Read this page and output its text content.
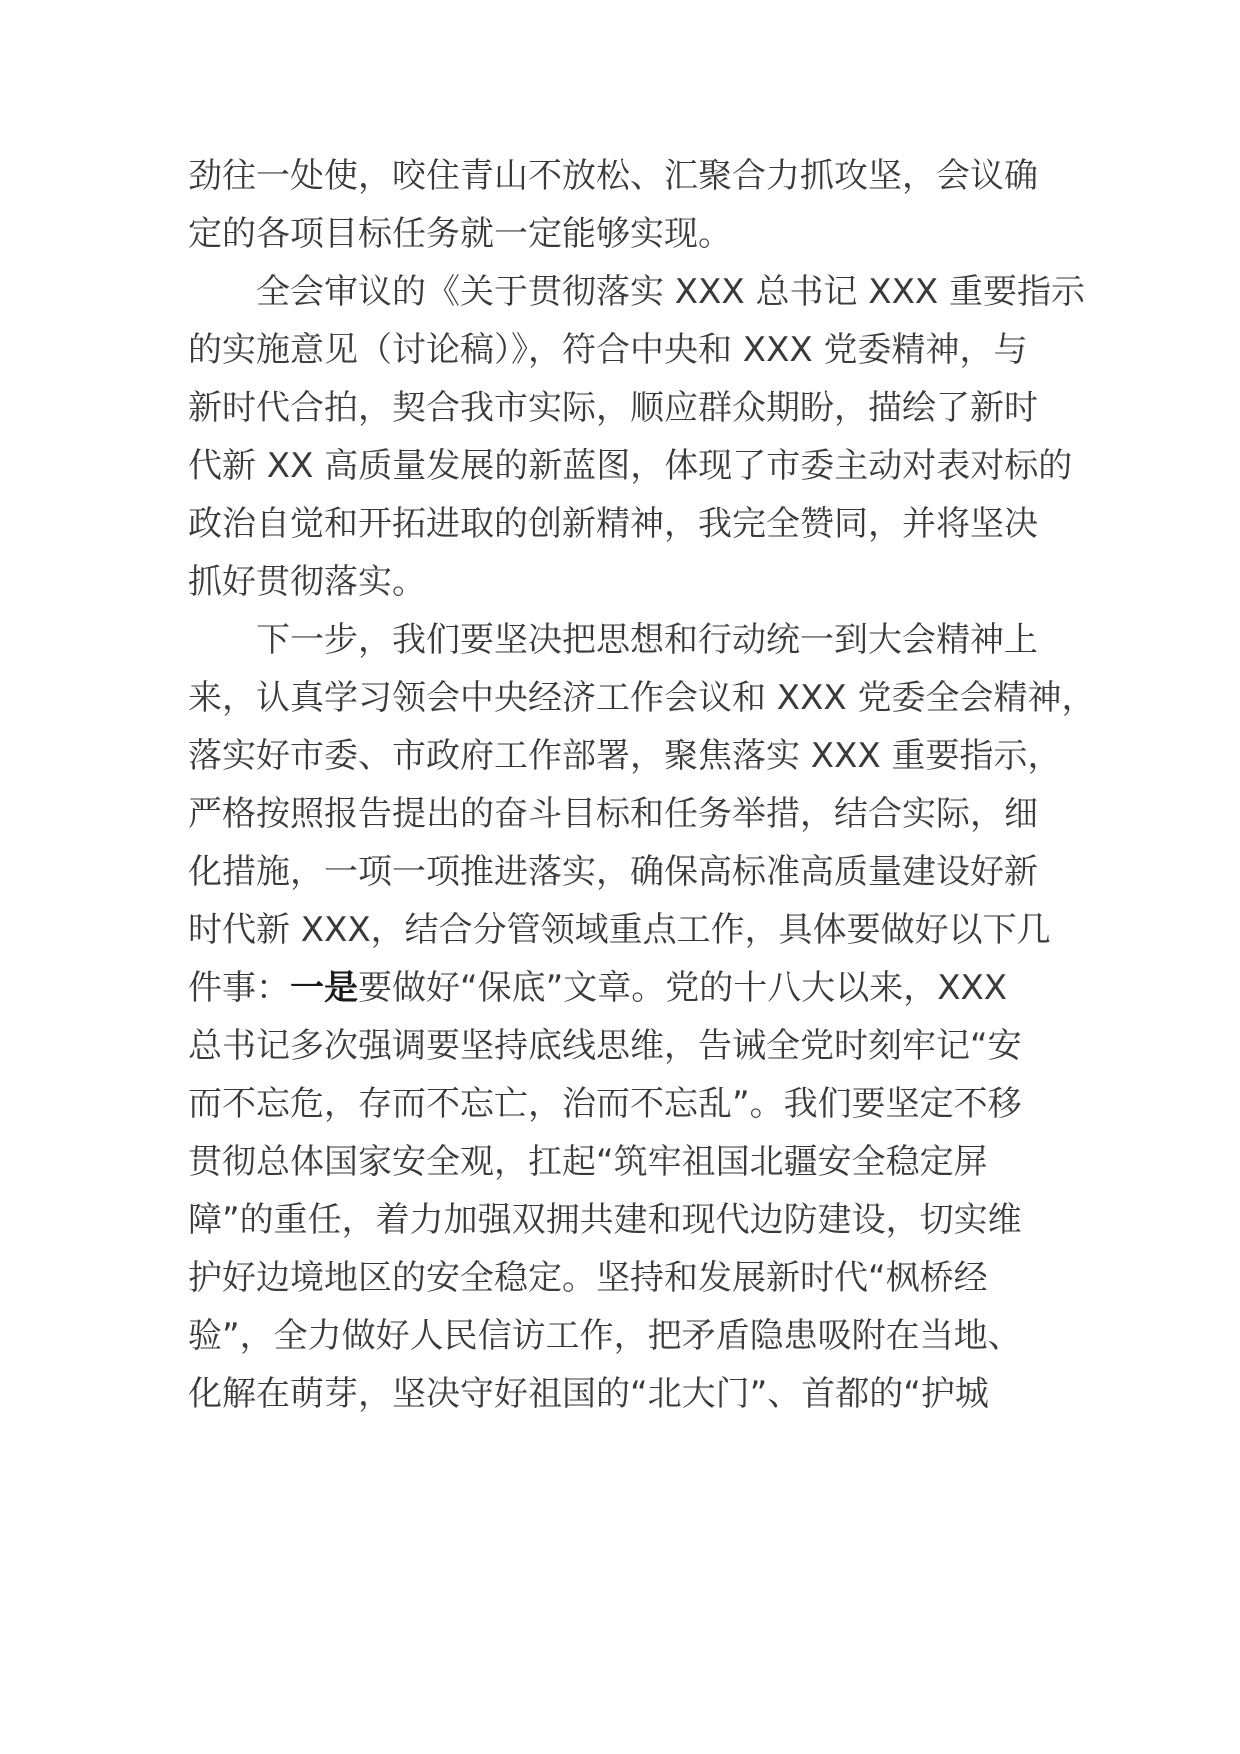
劲往一处使，咬住青山不放松、汇聚合力抓攻坚，会议确
定的各项目标任务就一定能够实现。
全会审议的《关于贯彻落实 XXX 总书记 XXX 重要指示
的实施意见（讨论稿）》，符合中央和 XXX 党委精神，与
新时代合拍，契合我市实际，顺应群众期盼，描绘了新时
代新 XX 高质量发展的新蓝图，体现了市委主动对表对标的
政治自觉和开拓进取的创新精神，我完全赞同，并将坚决
抓好贯彻落实。
下一步，我们要坚决把思想和行动统一到大会精神上
来，认真学习领会中央经济工作会议和 XXX 党委全会精神，
落实好市委、市政府工作部署，聚焦落实 XXX 重要指示，
严格按照报告提出的奋斗目标和任务举措，结合实际，细
化措施，一项一项推进落实，确保高标准高质量建设好新
时代新 XXX，结合分管领域重点工作，具体要做好以下几
件事：一是要做好“保底”文章。党的十八大以来，XXX
总书记多次强调要坚持底线思维，告诫全党时刻牢记“安
而不忘危，存而不忘亡，治而不忘乱”。我们要坚定不移
贯彻总体国家安全观，扛起“筑牢祖国北疆安全稳定屏
障”的重任，着力加强双拥共建和现代边防建设，切实维
护好边境地区的安全稳定。坚持和发展新时代“枫桥经
验”，全力做好人民信访工作，把矛盾隐患吸附在当地、
化解在萌芽，坚决守好祖国的“北大门”、首都的“护城
